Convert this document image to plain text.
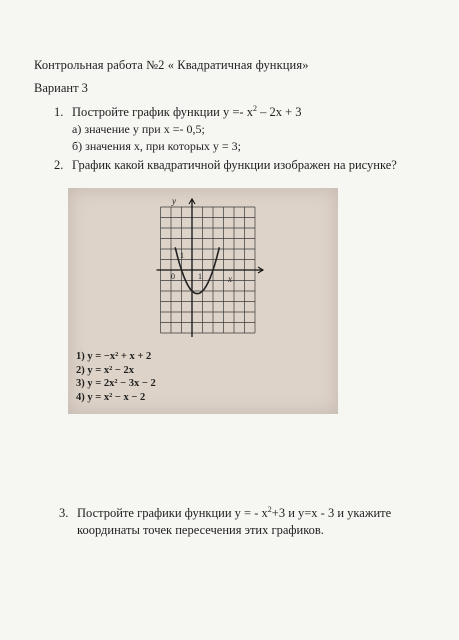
Контрольная работа №2 « Квадратичная функция»
Вариант 3
1. Постройте график функции $y =- x^2 - 2x + 3$
а) значение y при x =- 0,5;
б) значения x, при которых y = 3;
2. График какой квадратичной функции изображен на рисунке?
y
x
1
0	1
1) y = −x² + x + 2
2) y = x² − 2x
3) y = 2x² − 3x − 2
4) y = x² − x − 2
3. Постройте графики функции y = - $x^2+3$ и y=x - 3 и укажите
координаты точек пересечения этих графиков.
